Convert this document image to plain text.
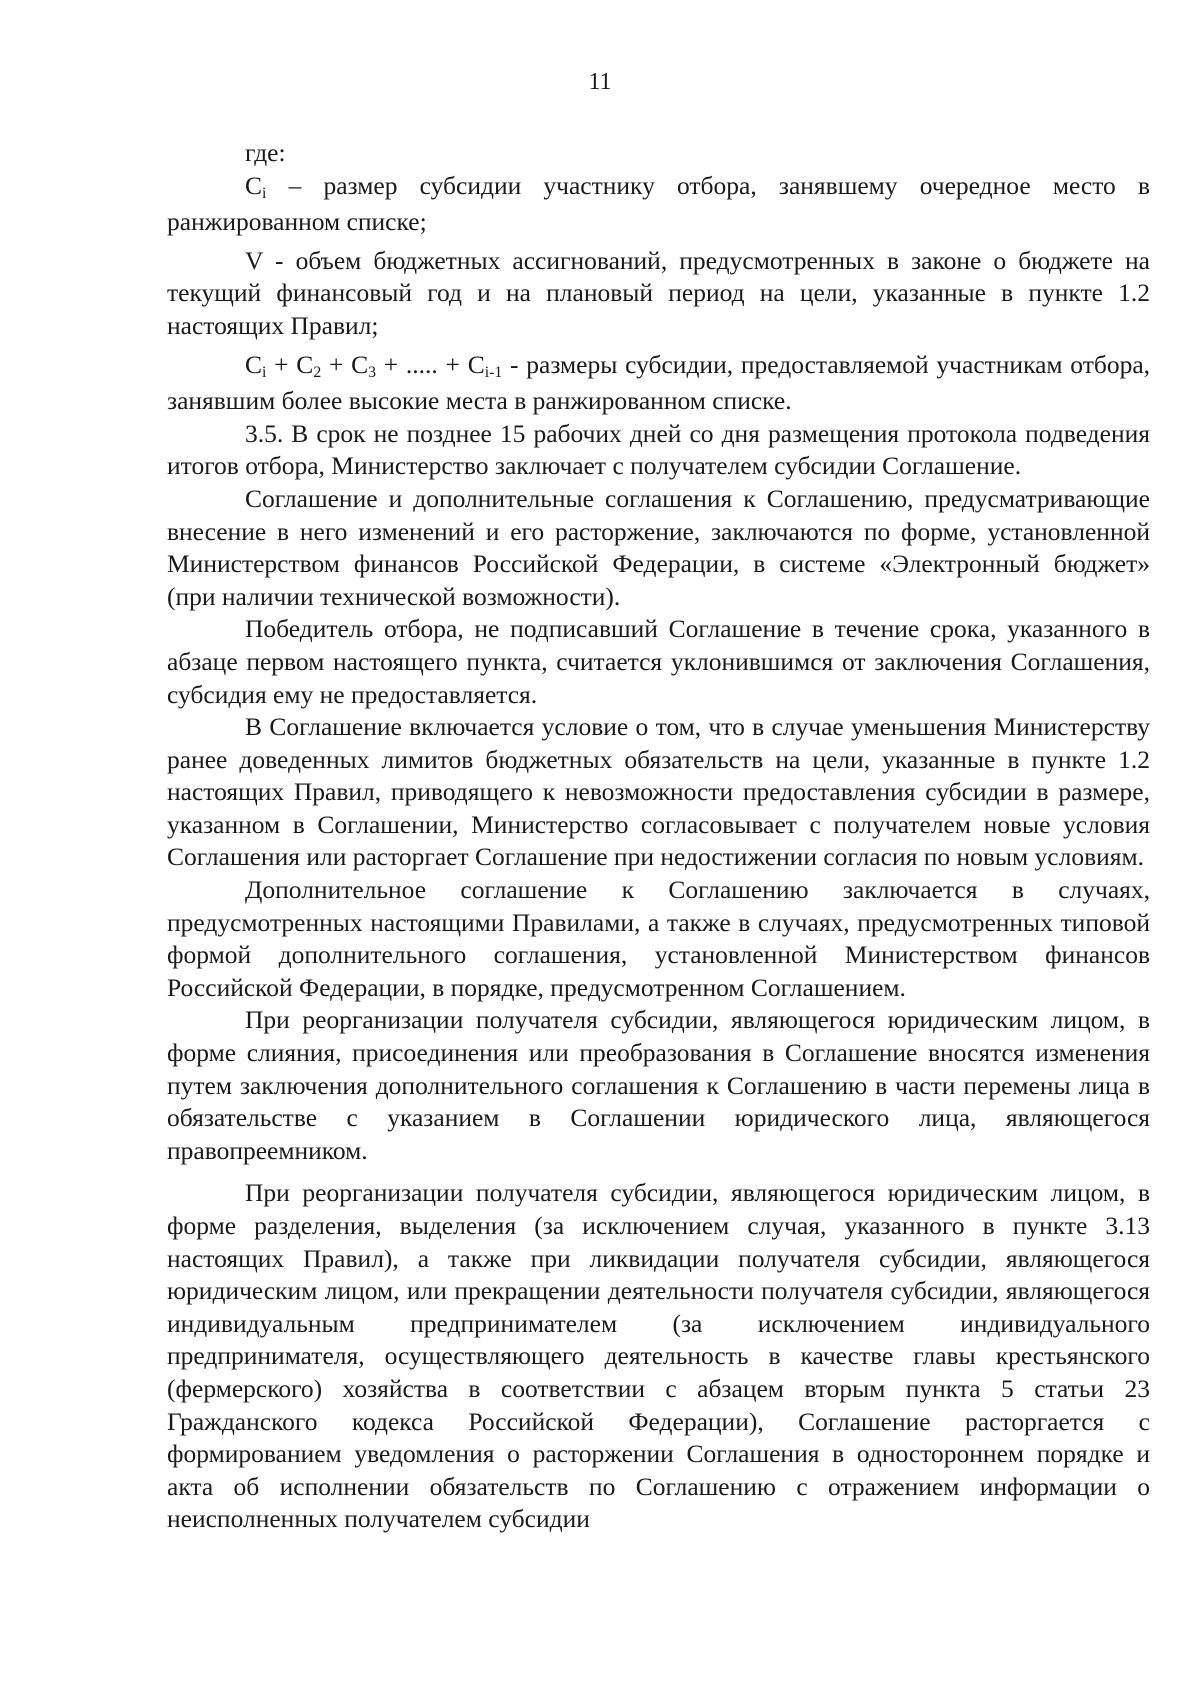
11

где:

$C_i$ – размер субсидии участнику отбора, занявшему очередное место в ранжированном списке;

V - объем бюджетных ассигнований, предусмотренных в законе о бюджете на текущий финансовый год и на плановый период на цели, указанные в пункте 1.2 настоящих Правил;

$C_i + C_2 + C_3$ + ..... + $C_{i-1}$ - размеры субсидии, предоставляемой участникам отбора, занявшим более высокие места в ранжированном списке.

3.5. В срок не позднее 15 рабочих дней со дня размещения протокола подведения итогов отбора, Министерство заключает с получателем субсидии Соглашение.

Соглашение и дополнительные соглашения к Соглашению, предусматривающие внесение в него изменений и его расторжение, заключаются по форме, установленной Министерством финансов Российской Федерации, в системе «Электронный бюджет» (при наличии технической возможности).

Победитель отбора, не подписавший Соглашение в течение срока, указанного в абзаце первом настоящего пункта, считается уклонившимся от заключения Соглашения, субсидия ему не предоставляется.

В Соглашение включается условие о том, что в случае уменьшения Министерству ранее доведенных лимитов бюджетных обязательств на цели, указанные в пункте 1.2 настоящих Правил, приводящего к невозможности предоставления субсидии в размере, указанном в Соглашении, Министерство согласовывает с получателем новые условия Соглашения или расторгает Соглашение при недостижении согласия по новым условиям.

Дополнительное соглашение к Соглашению заключается в случаях, предусмотренных настоящими Правилами, а также в случаях, предусмотренных типовой формой дополнительного соглашения, установленной Министерством финансов Российской Федерации, в порядке, предусмотренном Соглашением.

При реорганизации получателя субсидии, являющегося юридическим лицом, в форме слияния, присоединения или преобразования в Соглашение вносятся изменения путем заключения дополнительного соглашения к Соглашению в части перемены лица в обязательстве с указанием в Соглашении юридического лица, являющегося правопреемником.

При реорганизации получателя субсидии, являющегося юридическим лицом, в форме разделения, выделения (за исключением случая, указанного в пункте 3.13 настоящих Правил), а также при ликвидации получателя субсидии, являющегося юридическим лицом, или прекращении деятельности получателя субсидии, являющегося индивидуальным предпринимателем (за исключением индивидуального предпринимателя, осуществляющего деятельность в качестве главы крестьянского (фермерского) хозяйства в соответствии с абзацем вторым пункта 5 статьи 23 Гражданского кодекса Российской Федерации), Соглашение расторгается с формированием уведомления о расторжении Соглашения в одностороннем порядке и акта об исполнении обязательств по Соглашению с отражением информации о неисполненных получателем субсидии
